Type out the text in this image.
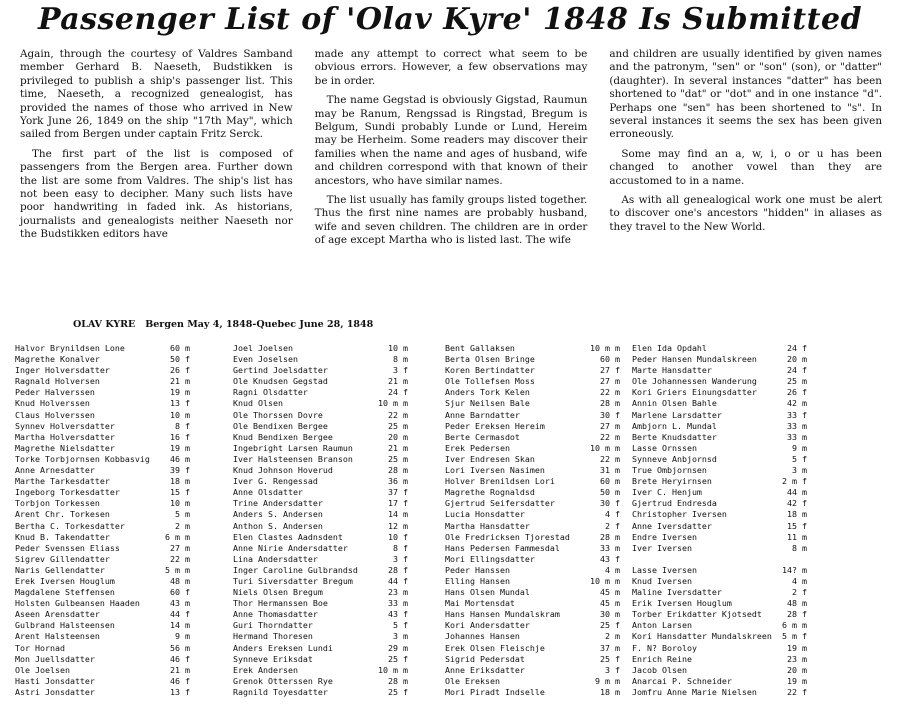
Passenger List of 'Olav Kyre' 1848 Is Submitted

Again, through the courtesy of Valdres Samband member Gerhard B. Naeseth, Budstikken is privileged to publish a ship's passenger list. This time, Naeseth, a recognized genealogist, has provided the names of those who arrived in New York June 26, 1849 on the ship "17th May", which sailed from Bergen under captain Fritz Serck.

The first part of the list is composed of passengers from the Bergen area. Further down the list are some from Valdres. The ship's list has not been easy to decipher. Many such lists have poor handwriting in faded ink. As historians, journalists and genealogists neither Naeseth nor the Budstikken editors have

made any attempt to correct what seem to be obvious errors. However, a few observations may be in order.

The name Gegstad is obviously Gigstad, Raumun may be Ranum, Rengssad is Ringstad, Bregum is Belgum, Sundi probably Lunde or Lund, Hereim may be Herheim. Some readers may discover their families when the name and ages of husband, wife and children correspond with that known of their ancestors, who have similar names.

The list usually has family groups listed together. Thus the first nine names are probably husband, wife and seven children. The children are in order of age except Martha who is listed last. The wife

and children are usually identified by given names and the patronym, "sen" or "son" (son), or "datter" (daughter). In several instances "datter" has been shortened to "dat" or "dot" and in one instance "d". Perhaps one "sen" has been shortened to "s". In several instances it seems the sex has been given erroneously.

Some may find an a, w, i, o or u has been changed to another vowel than they are accustomed to in a name.

As with all genealogical work one must be alert to discover one's ancestors "hidden" in aliases as they travel to the New World.

OLAV KYRE Bergen May 4, 1848-Quebec June 28, 1848
Halvor Brynildsen Lone	60 m
Magrethe Konalver	50 f
Inger Holversdatter	26 f
Ragnald Holversen	21 m
Peder Halverssen	19 m
Knud Holverssen	13 f
Claus Holverssen	10 m
Synnev Holversdatter	8 f
Martha Holversdatter	16 f
Magrethe Nielsdatter	19 m
Torke Torbjornsen Kobbasvig	46 m
Anne Arnesdatter	39 f
Marthe Tarkesdatter	18 m
Ingeborg Torkesdatter	15 f
Torbjon Torkessen	10 m
Arent Chr. Torkesen	5 m
Bertha C. Torkesdatter	2 m
Knud B. Takendatter	6 m m
Peder Svenssen Eliass	27 m
Sigrev Gillendatter	22 m
Naris Gellendatter	5 m m
Erek Iversen Houglum	48 m
Magdalene Steffensen	60 f
Holsten Gulbeansen Haaden	43 m
Aseen Arensdatter	44 f
Gulbrand Halsteensen	14 m
Arent Halsteensen	9 m
Tor Hornad	56 m
Mon Juellsdatter	46 f
Ole Joelsen	21 m
Hasti Jonsdatter	46 f
Astri Jonsdatter	13 f
Joel Joelsen	10 m
Even Joselsen	8 m
Gertind Joelsdatter	3 f
Ole Knudsen Gegstad	21 m
Ragni Olsdatter	24 f
Knud Olsen	10 m m
Ole Thorssen Dovre	22 m
Ole Bendixen Bergee	25 m
Knud Bendixen Bergee	20 m
Ingebright Larsen Raumun	21 m
Iver Halsteensen Branson	25 m
Knud Johnson Hoverud	28 m
Iver G. Rengessad	36 m
Anne Olsdatter	37 f
Trine Andersdatter	17 f
Anders S. Andersen	14 m
Anthon S. Andersen	12 m
Elen Clastes Aadnsdent	10 f
Anne Nirie Andersdatter	8 f
Lina Andersdatter	3 f
Inger Caroline Gulbrandsd	28 f
Turi Siversdatter Bregum	44 f
Niels Olsen Bregum	23 m
Thor Hermanssen Boe	33 m
Anne Thomasdatter	43 f
Guri Thorndatter	5 f
Hermand Thoresen	3 m
Anders Ereksen Lundi	29 m
Synneve Eriksdat	25 f
Erek Andersen	10 m m
Grenok Otterssen Rye	28 m
Ragnild Toyesdatter	25 f
Bent Gallaksen	10 m m
Berta Olsen Bringe	60 m
Koren Bertindatter	27 f
Ole Tollefsen Moss	27 m
Anders Tork Kelen	22 m
Sjur Neilsen Bale	28 m
Anne Barndatter	30 f
Peder Ereksen Hereim	27 m
Berte Cermasdot	22 m
Erek Pedersen	10 m m
Iver Endresen Skan	22 m
Lori Iversen Nasimen	31 m
Holver Brenildsen Lori	60 m
Magrethe Rognaldsd	50 m
Gjertrud Seifersdatter	30 f
Lucia Honsdatter	4 f
Martha Hansdatter	2 f
Ole Fredricksen Tjorestad	28 m
Hans Pedersen Fammesdal	33 m
Mori Ellingsdatter	43 f
Peder Hanssen	4 m
Elling Hansen	10 m m
Hans Olsen Mundal	45 m
Mai Mortensdat	45 m
Hans Hansen Mundalskram	30 m
Kori Andersdatter	25 f
Johannes Hansen	2 m
Erek Olsen Fleischje	37 m
Sigrid Pedersdat	25 f
Anne Eriksdatter	3 f
Ole Ereksen	9 m m
Mori Piradt Indselle	18 m
Elen Ida Opdahl	24 f
Peder Hansen Mundalskreen	20 m
Marte Hansdatter	24 f
Ole Johannessen Wanderung	25 m
Kori Griers Einungsdatter	26 f
Annin Olsen Bahle	42 m
Marlene Larsdatter	33 f
Ambjorn L. Mundal	33 m
Berte Knudsdatter	33 m
Lasse Ornssen	9 m
Synneve Anbjornsd	5 f
True Ombjornsen	3 m
Brete Heryirnsen	2 m f
Iver C. Henjum	44 m
Gjertrud Endresda	42 f
Christopher Iversen	18 m
Anne Iversdatter	15 f
Endre Iversen	11 m
Iver Iversen	8 m
Lasse Iversen	14? m
Knud Iversen	4 m
Maline Iversdatter	2 f
Erik Iversen Houglum	48 m
Torber Erikdatter Kjotsedt	28 f
Anton Larsen	6 m m
Kori Hansdatter Mundalskreen	5 m f
F. N? Boroloy	19 m
Enrich Reine	23 m
Jacob Olsen	20 m
Anarcai P. Schneider	19 m
Jomfru Anne Marie Nielsen	22 f
